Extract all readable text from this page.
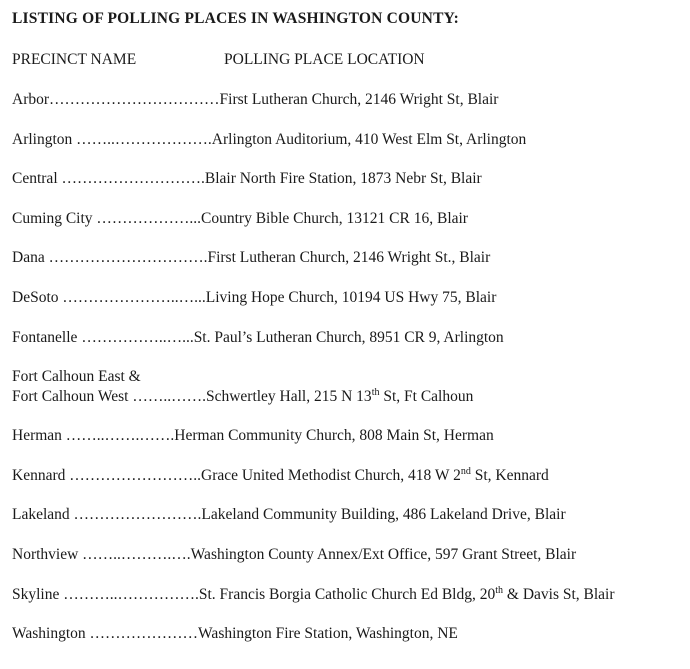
LISTING OF POLLING PLACES IN WASHINGTON COUNTY:
PRECINCT NAME	POLLING PLACE LOCATION
Arbor……………………………First Lutheran Church, 2146 Wright St, Blair
Arlington ……..……………….Arlington Auditorium, 410 West Elm St, Arlington
Central ……………………….Blair North Fire Station, 1873 Nebr St, Blair
Cuming City ………………...Country Bible Church, 13121 CR 16, Blair
Dana ………………………….First Lutheran Church, 2146 Wright St., Blair
DeSoto …………………..…...Living Hope Church, 10194 US Hwy 75, Blair
Fontanelle ……………..…...St. Paul’s Lutheran Church, 8951 CR 9, Arlington
Fort Calhoun East &
Fort Calhoun West ……..…….Schwertley Hall, 215 N 13th St, Ft Calhoun
Herman ……..…….…….Herman Community Church, 808 Main St, Herman
Kennard ……………………..Grace United Methodist Church, 418 W 2nd St, Kennard
Lakeland …………………….Lakeland Community Building, 486 Lakeland Drive, Blair
Northview ……..……….….Washington County Annex/Ext Office, 597 Grant Street, Blair
Skyline ………..…………….St. Francis Borgia Catholic Church Ed Bldg, 20th & Davis St, Blair
Washington …………………Washington Fire Station, Washington, NE
